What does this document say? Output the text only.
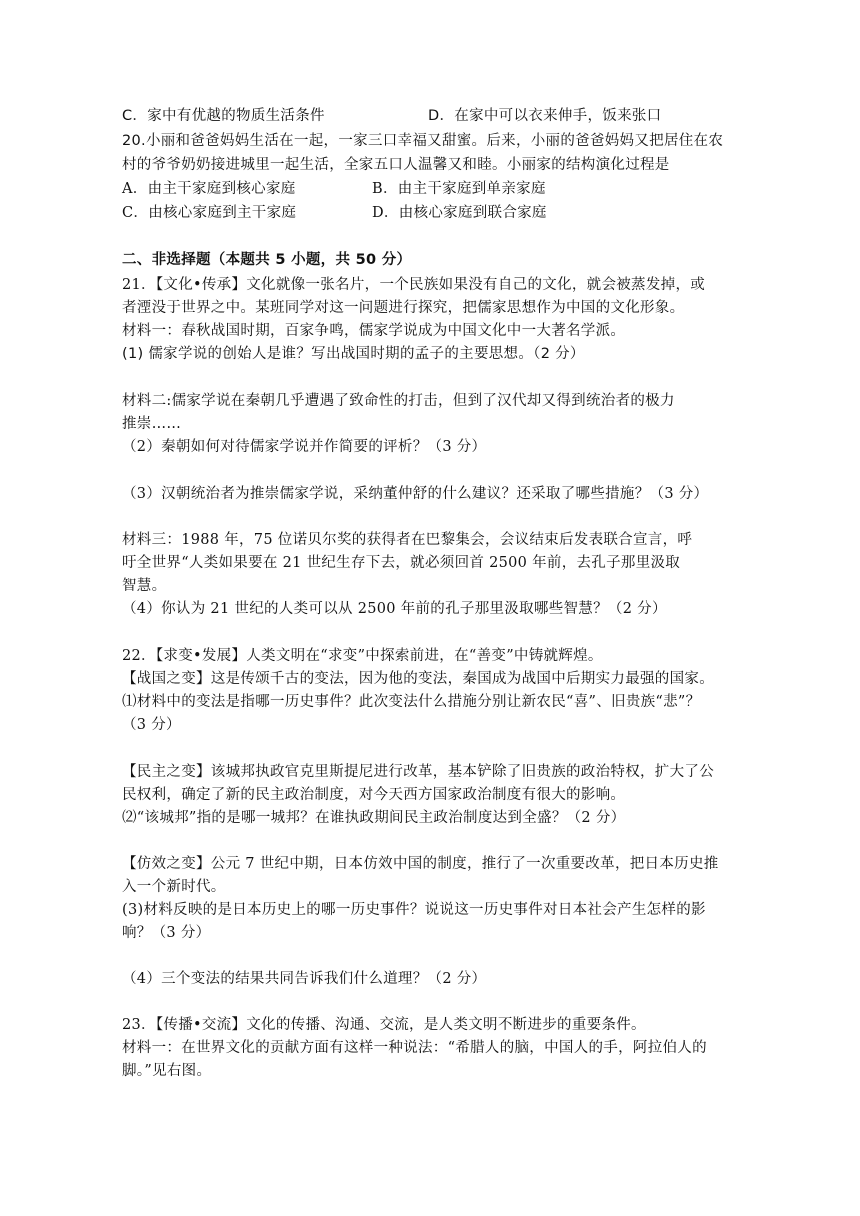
C．家中有优越的物质生活条件	D．在家中可以衣来伸手，饭来张口
20.小丽和爸爸妈妈生活在一起，一家三口幸福又甜蜜。后来，小丽的爸爸妈妈又把居住在农
村的爷爷奶奶接进城里一起生活，全家五口人温馨又和睦。小丽家的结构演化过程是
A．由主干家庭到核心家庭	B．由主干家庭到单亲家庭
C．由核心家庭到主干家庭	D．由核心家庭到联合家庭
二、非选择题（本题共 5 小题，共 50 分）
21．【文化•传承】文化就像一张名片，一个民族如果没有自己的文化，就会被蒸发掉，或
者湮没于世界之中。某班同学对这一问题进行探究，把儒家思想作为中国的文化形象。
材料一：春秋战国时期，百家争鸣，儒家学说成为中国文化中一大著名学派。
(1) 儒家学说的创始人是谁？写出战国时期的孟子的主要思想。（2 分）
材料二:儒家学说在秦朝几乎遭遇了致命性的打击，但到了汉代却又得到统治者的极力
推崇……
（2）秦朝如何对待儒家学说并作简要的评析？（3 分）
（3）汉朝统治者为推崇儒家学说，采纳董仲舒的什么建议？还采取了哪些措施？（3 分）
材料三：1988 年，75 位诺贝尔奖的获得者在巴黎集会，会议结束后发表联合宣言，呼
吁全世界“人类如果要在 21 世纪生存下去，就必须回首 2500 年前，去孔子那里汲取
智慧。
（4）你认为 21 世纪的人类可以从 2500 年前的孔子那里汲取哪些智慧？（2 分）
22．【求变•发展】人类文明在“求变”中探索前进，在“善变”中铸就辉煌。
【战国之变】这是传颂千古的变法，因为他的变法，秦国成为战国中后期实力最强的国家。
⑴材料中的变法是指哪一历史事件？此次变法什么措施分别让新农民“喜”、旧贵族“悲”？
（3 分）
【民主之变】该城邦执政官克里斯提尼进行改革，基本铲除了旧贵族的政治特权，扩大了公
民权利，确定了新的民主政治制度，对今天西方国家政治制度有很大的影响。
⑵“该城邦”指的是哪一城邦？在谁执政期间民主政治制度达到全盛？（2 分）
【仿效之变】公元 7 世纪中期，日本仿效中国的制度，推行了一次重要改革，把日本历史推
入一个新时代。
(3)材料反映的是日本历史上的哪一历史事件？说说这一历史事件对日本社会产生怎样的影
响？（3 分）
（4）三个变法的结果共同告诉我们什么道理？（2 分）
23．【传播•交流】文化的传播、沟通、交流，是人类文明不断进步的重要条件。
材料一：在世界文化的贡献方面有这样一种说法：“希腊人的脑，中国人的手，阿拉伯人的
脚。”见右图。
